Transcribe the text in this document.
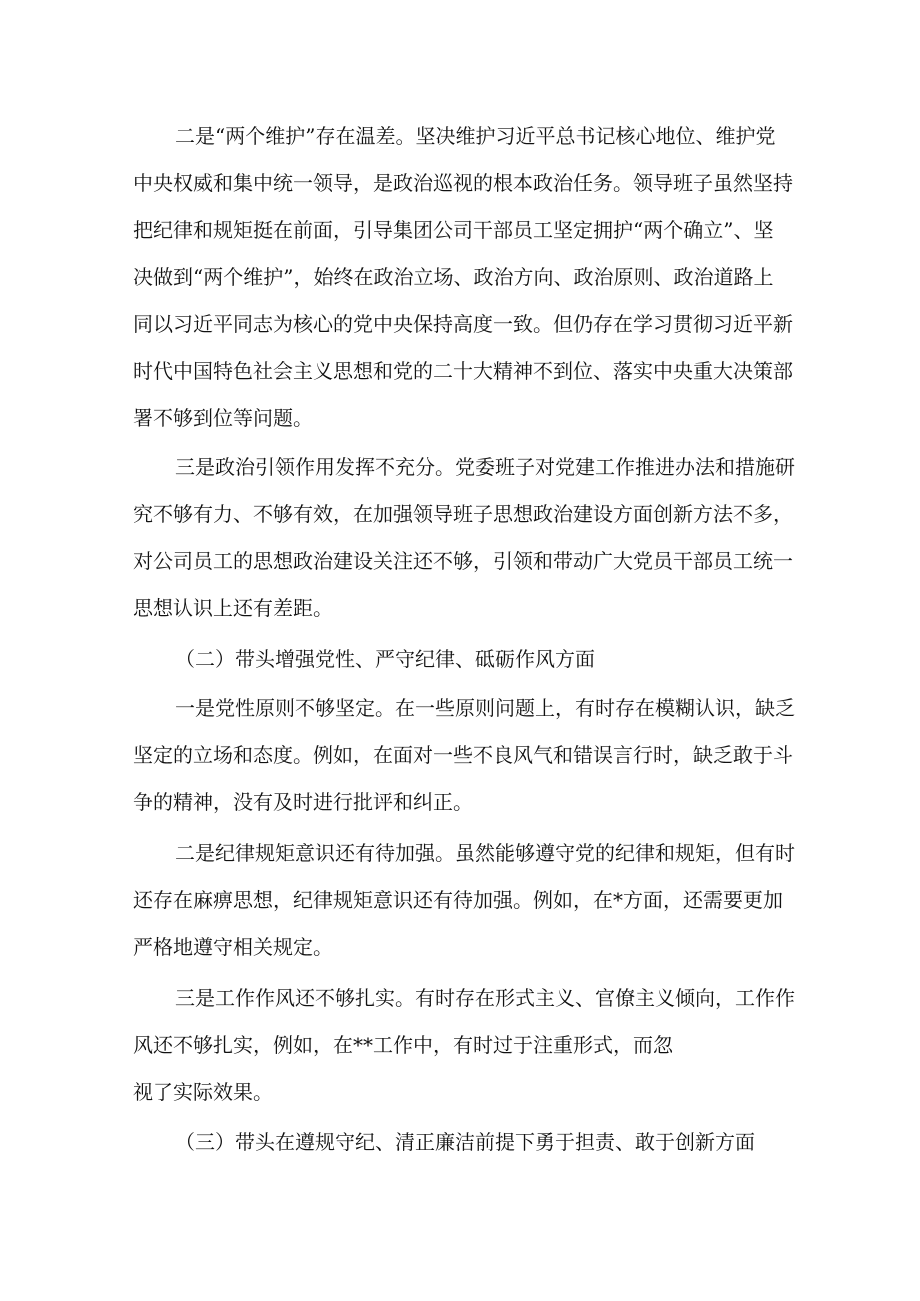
二是“两个维护”存在温差。坚决维护习近平总书记核心地位、维护党

中央权威和集中统一领导，是政治巡视的根本政治任务。领导班子虽然坚持

把纪律和规矩挺在前面，引导集团公司干部员工坚定拥护“两个确立”、坚

决做到“两个维护”，始终在政治立场、政治方向、政治原则、政治道路上

同以习近平同志为核心的党中央保持高度一致。但仍存在学习贯彻习近平新

时代中国特色社会主义思想和党的二十大精神不到位、落实中央重大决策部

署不够到位等问题。

三是政治引领作用发挥不充分。党委班子对党建工作推进办法和措施研

究不够有力、不够有效，在加强领导班子思想政治建设方面创新方法不多，

对公司员工的思想政治建设关注还不够，引领和带动广大党员干部员工统一

思想认识上还有差距。

（二）带头增强党性、严守纪律、砥砺作风方面

一是党性原则不够坚定。在一些原则问题上，有时存在模糊认识，缺乏

坚定的立场和态度。例如，在面对一些不良风气和错误言行时，缺乏敢于斗

争的精神，没有及时进行批评和纠正。

二是纪律规矩意识还有待加强。虽然能够遵守党的纪律和规矩，但有时

还存在麻痹思想，纪律规矩意识还有待加强。例如，在*方面，还需要更加

严格地遵守相关规定。

三是工作作风还不够扎实。有时存在形式主义、官僚主义倾向，工作作

风还不够扎实，例如，在**工作中，有时过于注重形式，而忽

视了实际效果。

（三）带头在遵规守纪、清正廉洁前提下勇于担责、敢于创新方面
